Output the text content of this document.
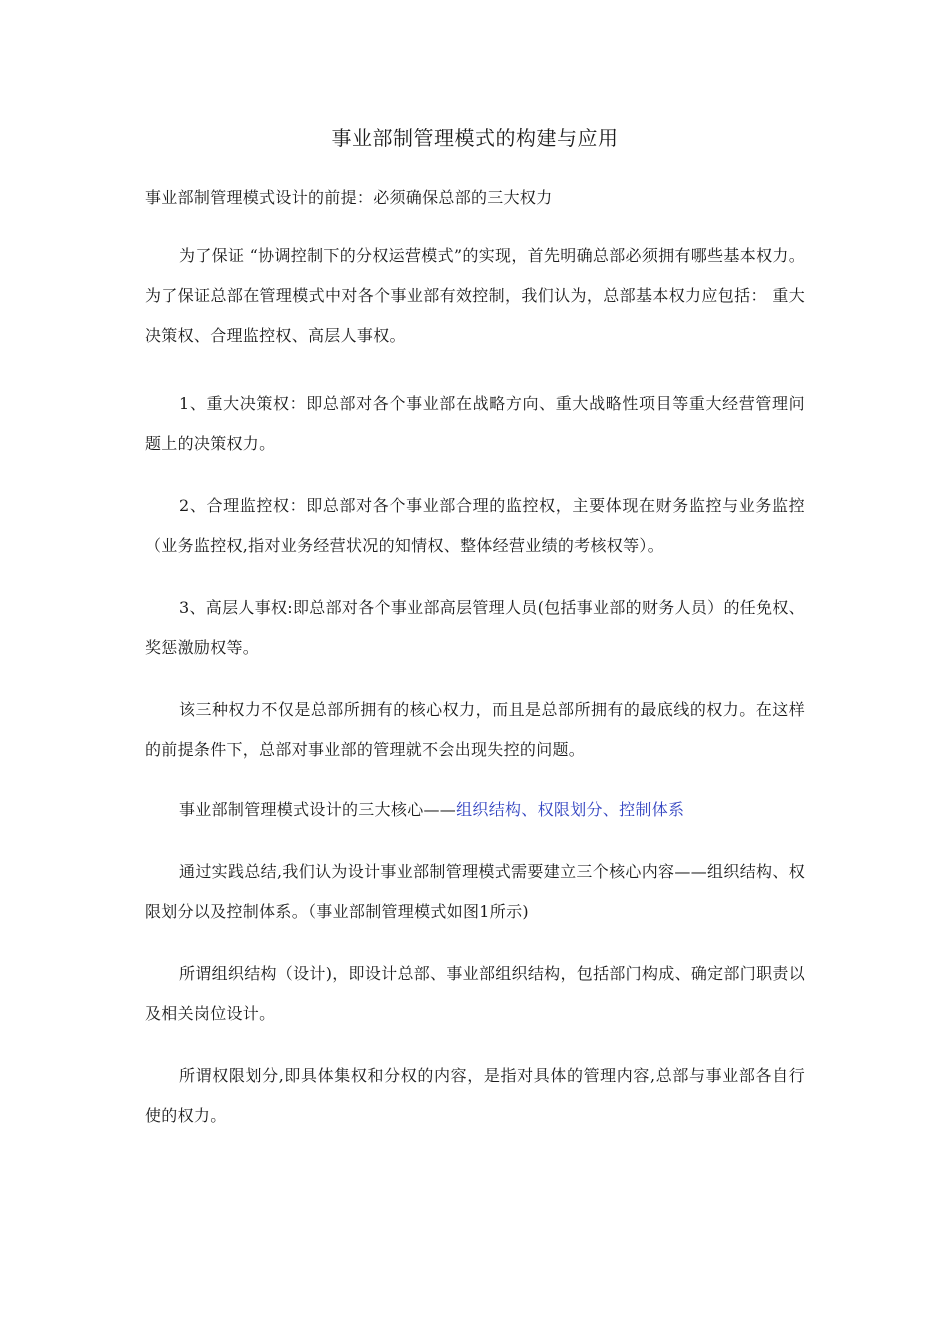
事业部制管理模式的构建与应用
事业部制管理模式设计的前提：必须确保总部的三大权力

为了保证 “协调控制下的分权运营模式”的实现，首先明确总部必须拥有哪些基本权力。为了保证总部在管理模式中对各个事业部有效控制，我们认为，总部基本权力应包括： 重大决策权、合理监控权、高层人事权。

1、重大决策权：即总部对各个事业部在战略方向、重大战略性项目等重大经营管理问题上的决策权力。

2、合理监控权：即总部对各个事业部合理的监控权，主要体现在财务监控与业务监控（业务监控权,指对业务经营状况的知情权、整体经营业绩的考核权等）。

3、高层人事权:即总部对各个事业部高层管理人员(包括事业部的财务人员）的任免权、奖惩激励权等。

该三种权力不仅是总部所拥有的核心权力，而且是总部所拥有的最底线的权力。在这样的前提条件下，总部对事业部的管理就不会出现失控的问题。

事业部制管理模式设计的三大核心——组织结构、权限划分、控制体系

通过实践总结,我们认为设计事业部制管理模式需要建立三个核心内容——组织结构、权限划分以及控制体系。（事业部制管理模式如图1所示)

所谓组织结构（设计)，即设计总部、事业部组织结构，包括部门构成、确定部门职责以及相关岗位设计。

所谓权限划分,即具体集权和分权的内容，是指对具体的管理内容,总部与事业部各自行使的权力。
